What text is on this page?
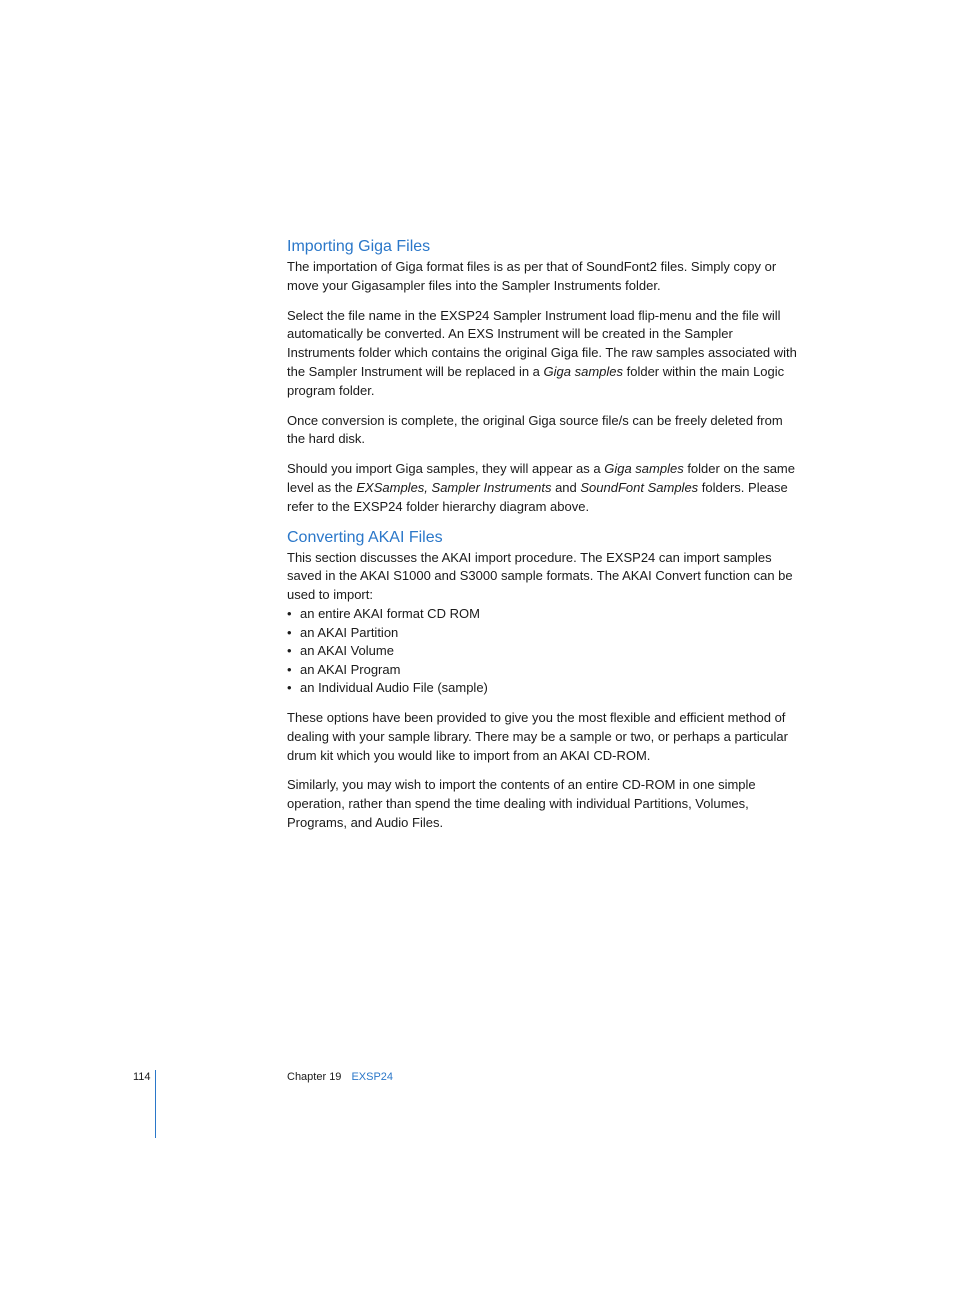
Importing Giga Files

The importation of Giga format files is as per that of SoundFont2 files. Simply copy or move your Gigasampler files into the Sampler Instruments folder.

Select the file name in the EXSP24 Sampler Instrument load flip-menu and the file will automatically be converted. An EXS Instrument will be created in the Sampler Instruments folder which contains the original Giga file. The raw samples associated with the Sampler Instrument will be replaced in a Giga samples folder within the main Logic program folder.

Once conversion is complete, the original Giga source file/s can be freely deleted from the hard disk.

Should you import Giga samples, they will appear as a Giga samples folder on the same level as the EXSamples, Sampler Instruments and SoundFont Samples folders. Please refer to the EXSP24 folder hierarchy diagram above.

Converting AKAI Files

This section discusses the AKAI import procedure. The EXSP24 can import samples saved in the AKAI S1000 and S3000 sample formats. The AKAI Convert function can be used to import:

• an entire AKAI format CD ROM
• an AKAI Partition
• an AKAI Volume
• an AKAI Program
• an Individual Audio File (sample)

These options have been provided to give you the most flexible and efficient method of dealing with your sample library. There may be a sample or two, or perhaps a particular drum kit which you would like to import from an AKAI CD-ROM.

Similarly, you may wish to import the contents of an entire CD-ROM in one simple operation, rather than spend the time dealing with individual Partitions, Volumes, Programs, and Audio Files.

114	Chapter 19 EXSP24
